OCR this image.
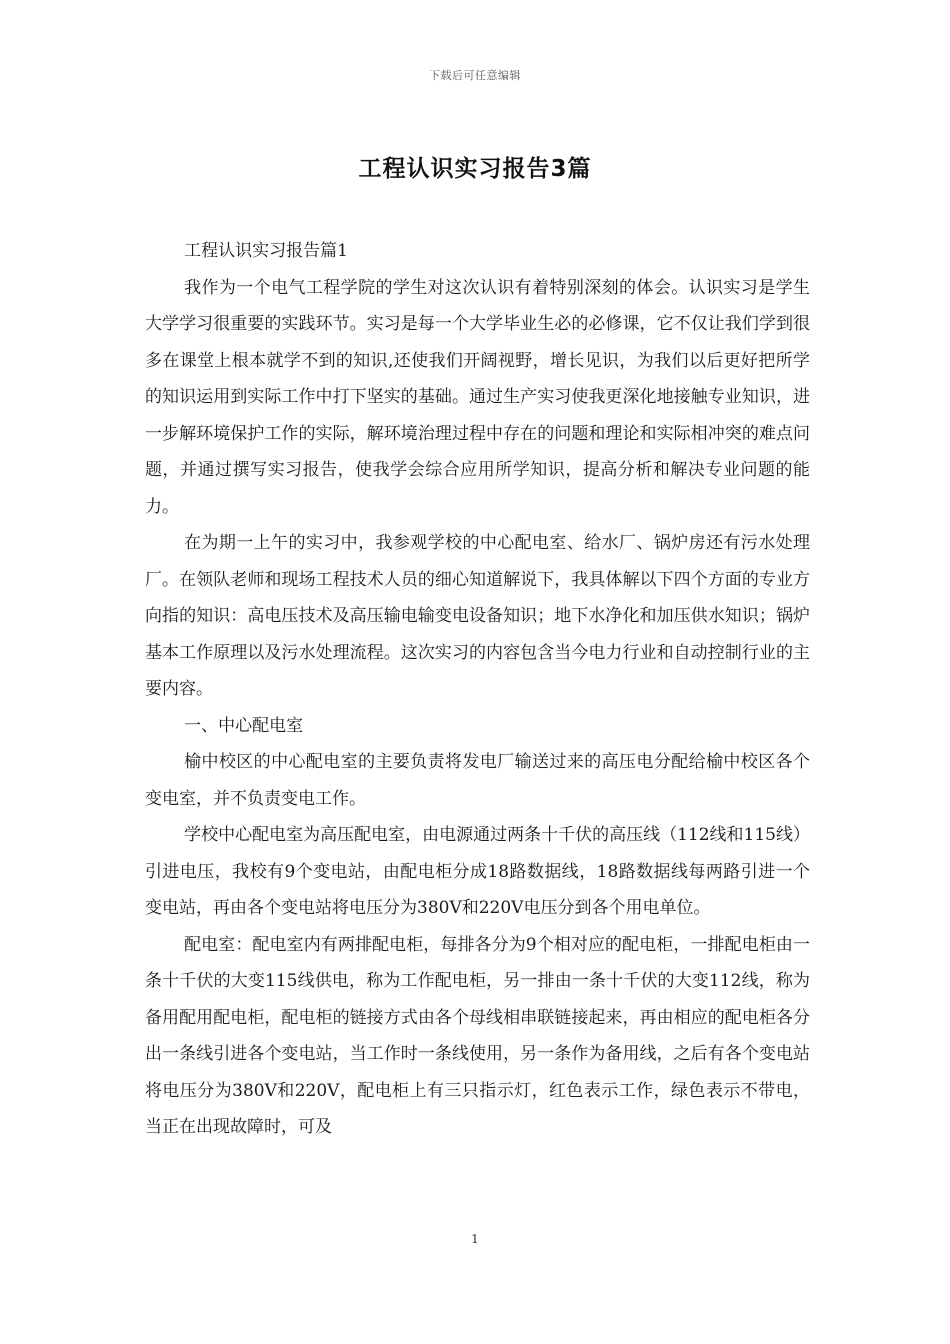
下载后可任意编辑
工程认识实习报告3篇

工程认识实习报告篇1

我作为一个电气工程学院的学生对这次认识有着特别深刻的体会。认识实习是学生大学学习很重要的实践环节。实习是每一个大学毕业生必的必修课，它不仅让我们学到很多在课堂上根本就学不到的知识,还使我们开阔视野，增长见识，为我们以后更好把所学的知识运用到实际工作中打下坚实的基础。通过生产实习使我更深化地接触专业知识，进一步解环境保护工作的实际，解环境治理过程中存在的问题和理论和实际相冲突的难点问题，并通过撰写实习报告，使我学会综合应用所学知识，提高分析和解决专业问题的能力。

在为期一上午的实习中，我参观学校的中心配电室、给水厂、锅炉房还有污水处理厂。在领队老师和现场工程技术人员的细心知道解说下，我具体解以下四个方面的专业方向指的知识：高电压技术及高压输电输变电设备知识；地下水净化和加压供水知识；锅炉基本工作原理以及污水处理流程。这次实习的内容包含当今电力行业和自动控制行业的主要内容。

一、中心配电室

榆中校区的中心配电室的主要负责将发电厂输送过来的高压电分配给榆中校区各个变电室，并不负责变电工作。

学校中心配电室为高压配电室，由电源通过两条十千伏的高压线（112线和115线）引进电压，我校有9个变电站，由配电柜分成18路数据线，18路数据线每两路引进一个变电站，再由各个变电站将电压分为380V和220V电压分到各个用电单位。

配电室：配电室内有两排配电柜，每排各分为9个相对应的配电柜，一排配电柜由一条十千伏的大变115线供电，称为工作配电柜，另一排由一条十千伏的大变112线，称为备用配用配电柜，配电柜的链接方式由各个母线相串联链接起来，再由相应的配电柜各分出一条线引进各个变电站，当工作时一条线使用，另一条作为备用线，之后有各个变电站将电压分为380V和220V，配电柜上有三只指示灯，红色表示工作，绿色表示不带电，当正在出现故障时，可及

1
